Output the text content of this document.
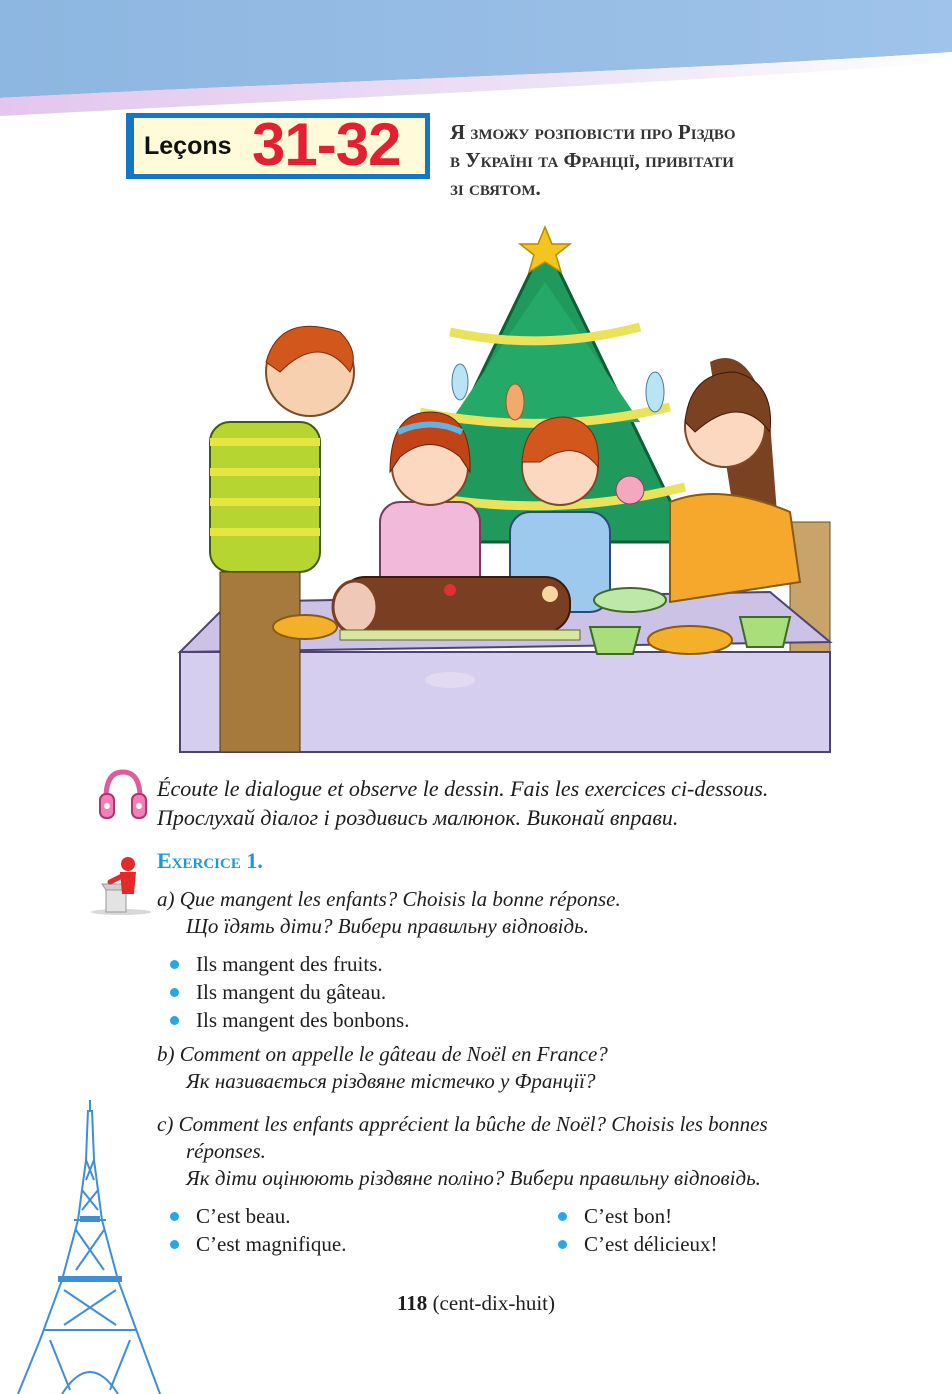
Leçons 31-32 Я зможу розповісти про Різдво
в Україні та Франції, привітати
зі святом.
Écoute le dialogue et observe le dessin. Fais les exercices ci-dessous.
Прослухай діалог і роздивись малюнок. Виконай вправи.
Exercice 1.
a) Que mangent les enfants? Choisis la bonne réponse.
Що їдять діти? Вибери правильну відповідь.
Ils mangent des fruits.
Ils mangent du gâteau.
Ils mangent des bonbons.
b) Comment on appelle le gâteau de Noël en France?
Як називається різдвяне тістечко у Франції?
c) Comment les enfants apprécient la bûche de Noël? Choisis les bonnes
réponses.
Як діти оцінюють різдвяне поліно? Вибери правильну відповідь.
C’est beau.
C’est magnifique.
C’est bon!
C’est délicieux!
118 (cent-dix-huit)
